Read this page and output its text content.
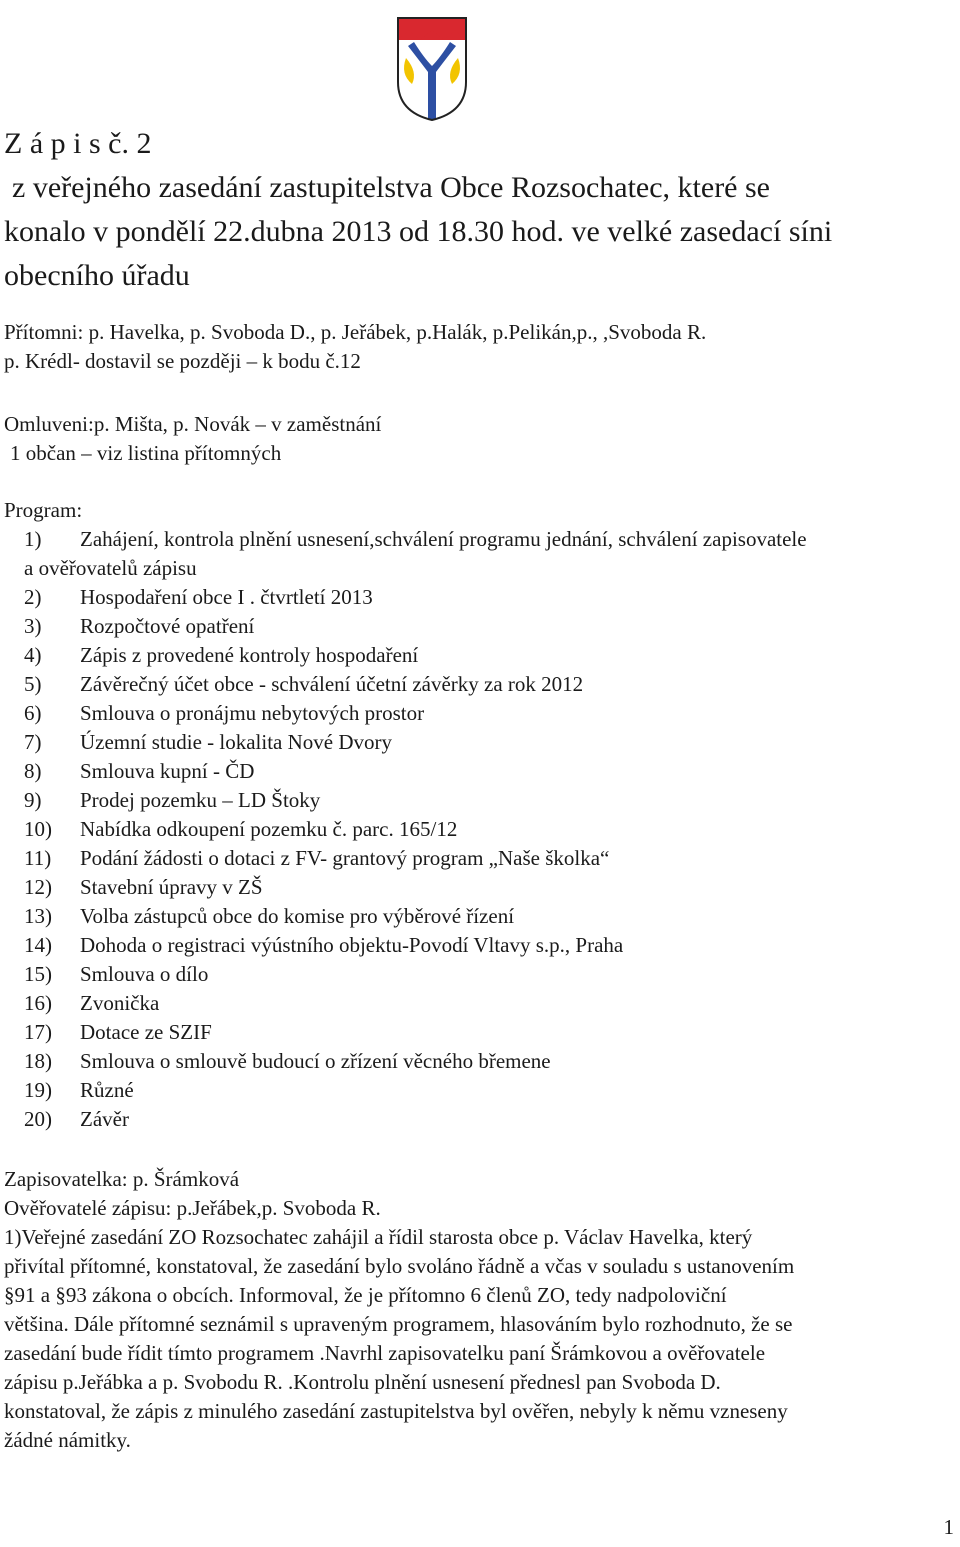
Z á p i s č. 2
z veřejného zasedání zastupitelstva Obce Rozsochatec, které se
konalo v pondělí 22.dubna 2013 od 18.30 hod. ve velké zasedací síni
obecního úřadu
Přítomni: p. Havelka, p. Svoboda D., p. Jeřábek, p.Halák, p.Pelikán,p., ,Svoboda R.
p. Krédl- dostavil se později – k bodu č.12
Omluveni:p. Mišta, p. Novák – v zaměstnání
1 občan – viz listina přítomných
Program:
1) Zahájení, kontrola plnění usnesení,schválení programu jednání, schválení zapisovatele
a ověřovatelů zápisu
2) Hospodaření obce I . čtvrtletí 2013
3) Rozpočtové opatření
4) Zápis z provedené kontroly hospodaření
5) Závěrečný účet obce - schválení účetní závěrky za rok 2012
6) Smlouva o pronájmu nebytových prostor
7) Územní studie - lokalita Nové Dvory
8) Smlouva kupní - ČD
9) Prodej pozemku – LD Štoky
10) Nabídka odkoupení pozemku č. parc. 165/12
11) Podání žádosti o dotaci z FV- grantový program „Naše školka“
12) Stavební úpravy v ZŠ
13) Volba zástupců obce do komise pro výběrové řízení
14) Dohoda o registraci výústního objektu-Povodí Vltavy s.p., Praha
15) Smlouva o dílo
16) Zvonička
17) Dotace ze SZIF
18) Smlouva o smlouvě budoucí o zřízení věcného břemene
19) Různé
20) Závěr
Zapisovatelka: p. Šrámková
Ověřovatelé zápisu: p.Jeřábek,p. Svoboda R.
1)Veřejné zasedání ZO Rozsochatec zahájil a řídil starosta obce p. Václav Havelka, který
přivítal přítomné, konstatoval, že zasedání bylo svoláno řádně a včas v souladu s ustanovením
§91 a §93 zákona o obcích. Informoval, že je přítomno 6 členů ZO, tedy nadpoloviční
většina. Dále přítomné seznámil s upraveným programem, hlasováním bylo rozhodnuto, že se
zasedání bude řídit tímto programem .Navrhl zapisovatelku paní Šrámkovou a ověřovatele
zápisu p.Jeřábka a p. Svobodu R. .Kontrolu plnění usnesení přednesl pan Svoboda D.
konstatoval, že zápis z minulého zasedání zastupitelstva byl ověřen, nebyly k němu vzneseny
žádné námitky.
1
